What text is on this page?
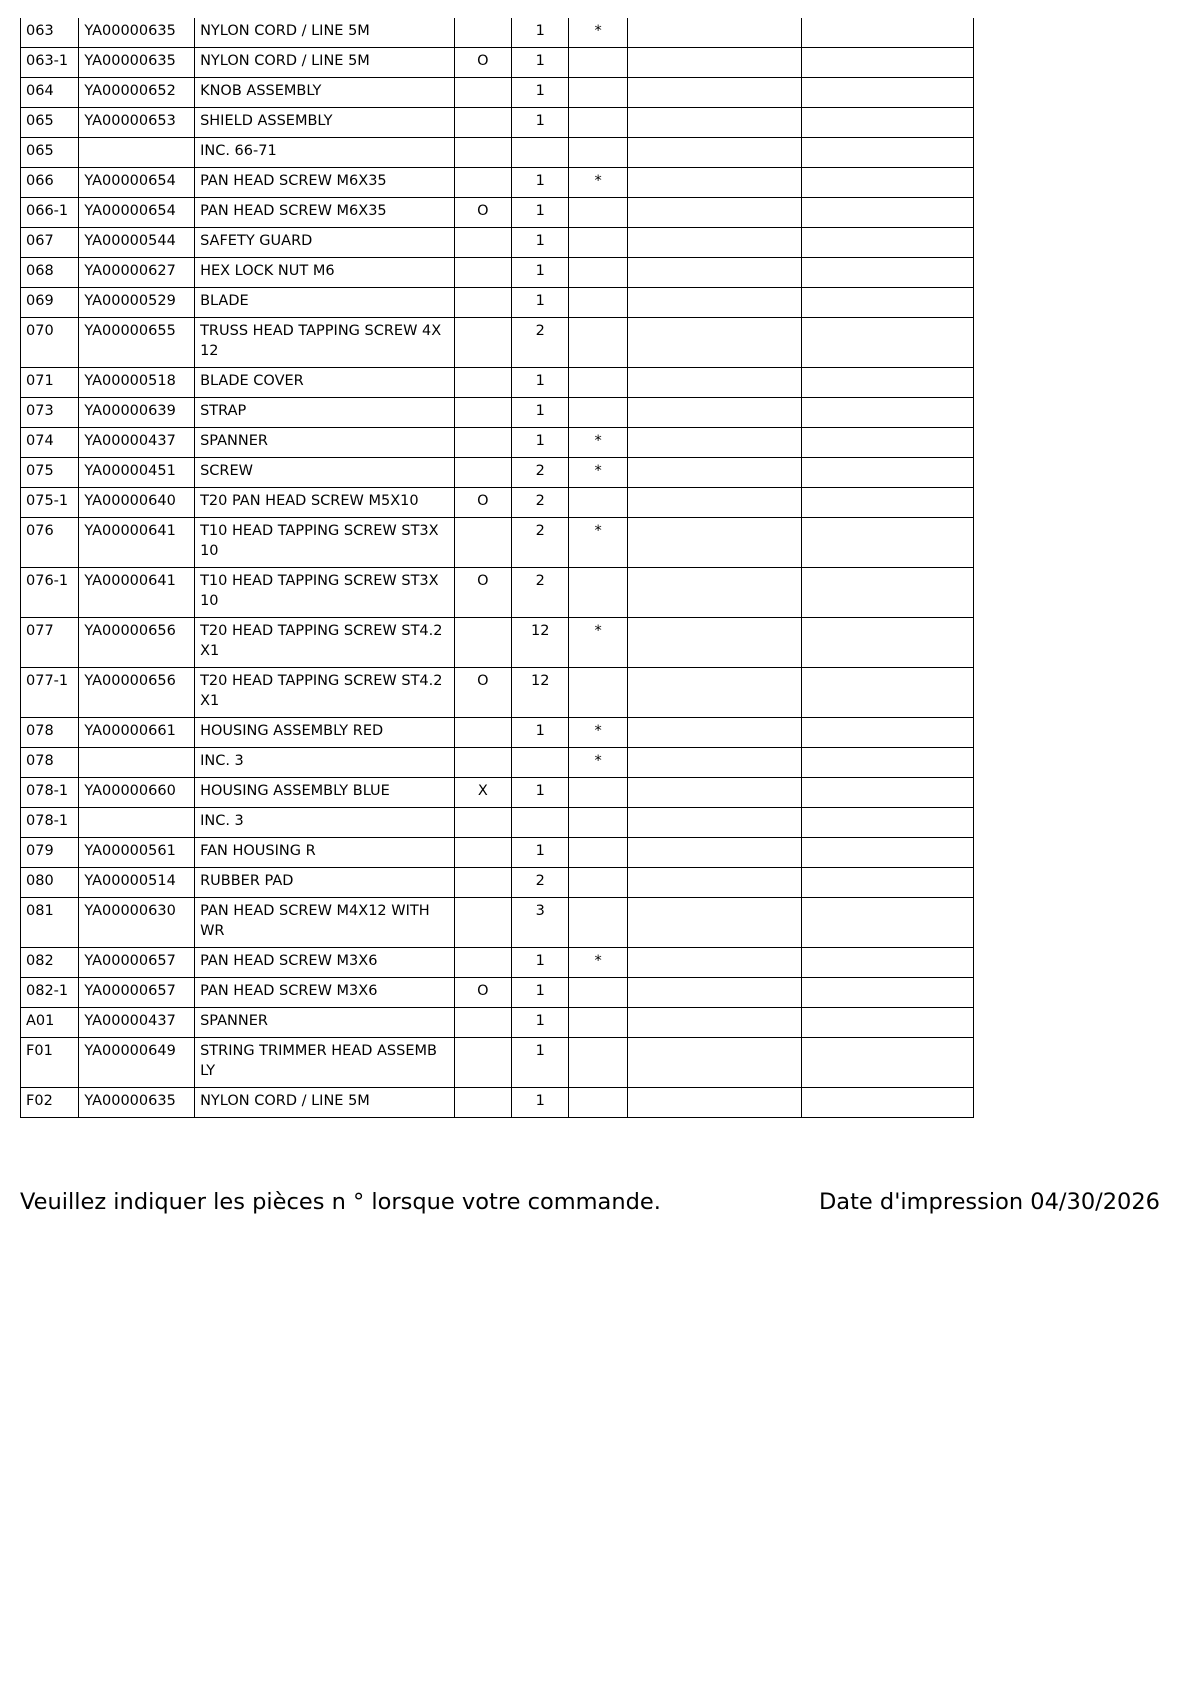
063	YA00000635	NYLON CORD / LINE 5M		1	*		
063-1	YA00000635	NYLON CORD / LINE 5M	O	1			
064	YA00000652	KNOB ASSEMBLY		1			
065	YA00000653	SHIELD ASSEMBLY		1			
065		INC. 66-71					
066	YA00000654	PAN HEAD SCREW M6X35		1	*		
066-1	YA00000654	PAN HEAD SCREW M6X35	O	1			
067	YA00000544	SAFETY GUARD		1			
068	YA00000627	HEX LOCK NUT M6		1			
069	YA00000529	BLADE		1			
070	YA00000655	TRUSS HEAD TAPPING SCREW 4X 12		2			
071	YA00000518	BLADE COVER		1			
073	YA00000639	STRAP		1			
074	YA00000437	SPANNER		1	*		
075	YA00000451	SCREW		2	*		
075-1	YA00000640	T20 PAN HEAD SCREW M5X10	O	2			
076	YA00000641	T10 HEAD TAPPING SCREW ST3X 10		2	*		
076-1	YA00000641	T10 HEAD TAPPING SCREW ST3X 10	O	2			
077	YA00000656	T20 HEAD TAPPING SCREW ST4.2 X1		12	*		
077-1	YA00000656	T20 HEAD TAPPING SCREW ST4.2 X1	O	12			
078	YA00000661	HOUSING ASSEMBLY RED		1	*		
078		INC. 3			*		
078-1	YA00000660	HOUSING ASSEMBLY BLUE	X	1			
078-1		INC. 3					
079	YA00000561	FAN HOUSING R		1			
080	YA00000514	RUBBER PAD		2			
081	YA00000630	PAN HEAD SCREW M4X12 WITH WR		3			
082	YA00000657	PAN HEAD SCREW M3X6		1	*		
082-1	YA00000657	PAN HEAD SCREW M3X6	O	1			
A01	YA00000437	SPANNER		1			
F01	YA00000649	STRING TRIMMER HEAD ASSEMB LY		1			
F02	YA00000635	NYLON CORD / LINE 5M		1			
Veuillez indiquer les pièces n ° lorsque votre commande.	Date d'impression 04/30/2026
